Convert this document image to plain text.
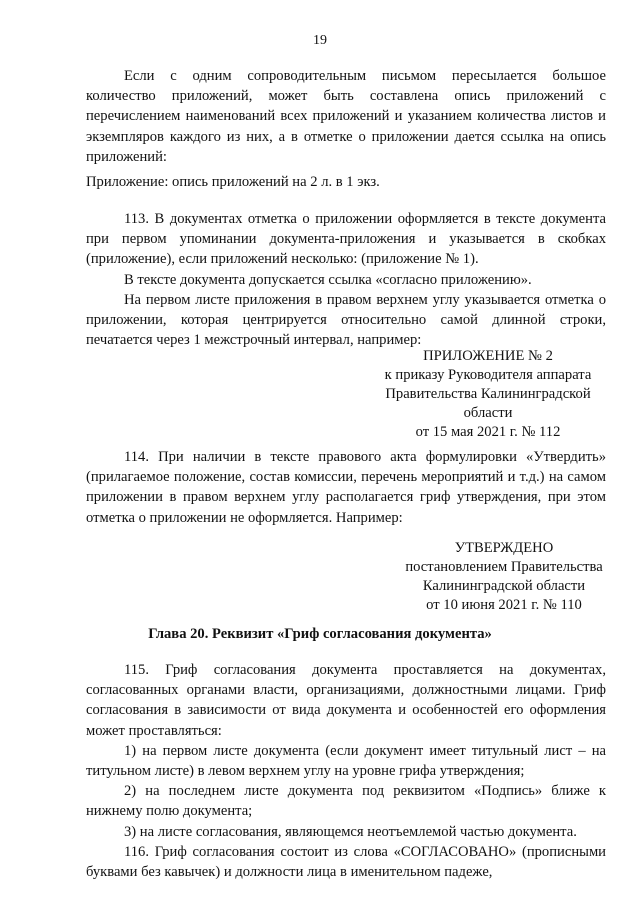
19

Если с одним сопроводительным письмом пересылается большое количество приложений, может быть составлена опись приложений с перечислением наименований всех приложений и указанием количества листов и экземпляров каждого из них, а в отметке о приложении дается ссылка на опись приложений:

Приложение: опись приложений на 2 л. в 1 экз.

113. В документах отметка о приложении оформляется в тексте документа при первом упоминании документа-приложения и указывается в скобках (приложение), если приложений несколько: (приложение № 1).

В тексте документа допускается ссылка «согласно приложению».

На первом листе приложения в правом верхнем углу указывается отметка о приложении, которая центрируется относительно самой длинной строки, печатается через 1 межстрочный интервал, например:

ПРИЛОЖЕНИЕ № 2
к приказу Руководителя аппарата
Правительства Калининградской
области
от 15 мая 2021 г. № 112

114. При наличии в тексте правового акта формулировки «Утвердить» (прилагаемое положение, состав комиссии, перечень мероприятий и т.д.) на самом приложении в правом верхнем углу располагается гриф утверждения, при этом отметка о приложении не оформляется. Например:

УТВЕРЖДЕНО
постановлением Правительства
Калининградской области
от 10 июня 2021 г. № 110
Глава 20. Реквизит «Гриф согласования документа»

115. Гриф согласования документа проставляется на документах, согласованных органами власти, организациями, должностными лицами. Гриф согласования в зависимости от вида документа и особенностей его оформления может проставляться:

1) на первом листе документа (если документ имеет титульный лист – на титульном листе) в левом верхнем углу на уровне грифа утверждения;

2) на последнем листе документа под реквизитом «Подпись» ближе к нижнему полю документа;

3) на листе согласования, являющемся неотъемлемой частью документа.

116. Гриф согласования состоит из слова «СОГЛАСОВАНО» (прописными буквами без кавычек) и должности лица в именительном падеже,
